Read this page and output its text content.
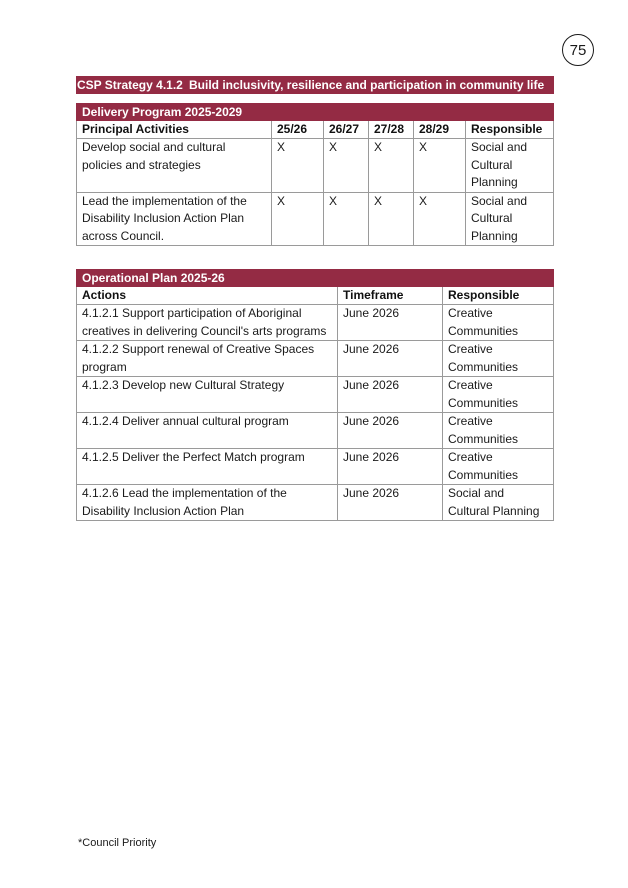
75
CSP Strategy 4.1.2 Build inclusivity, resilience and participation in community life
Delivery Program 2025-2029					
Principal Activities	25/26	26/27	27/28	28/29	Responsible
Develop social and cultural policies and strategies	X	X	X	X	Social and Cultural Planning
Lead the implementation of the Disability Inclusion Action Plan across Council.	X	X	X	X	Social and Cultural Planning
Operational Plan 2025-26		
Actions	Timeframe	Responsible
4.1.2.1 Support participation of Aboriginal creatives in delivering Council's arts programs	June 2026	Creative Communities
4.1.2.2 Support renewal of Creative Spaces program	June 2026	Creative Communities
4.1.2.3 Develop new Cultural Strategy	June 2026	Creative Communities
4.1.2.4 Deliver annual cultural program	June 2026	Creative Communities
4.1.2.5 Deliver the Perfect Match program	June 2026	Creative Communities
4.1.2.6 Lead the implementation of the Disability Inclusion Action Plan	June 2026	Social and Cultural Planning
*Council Priority
